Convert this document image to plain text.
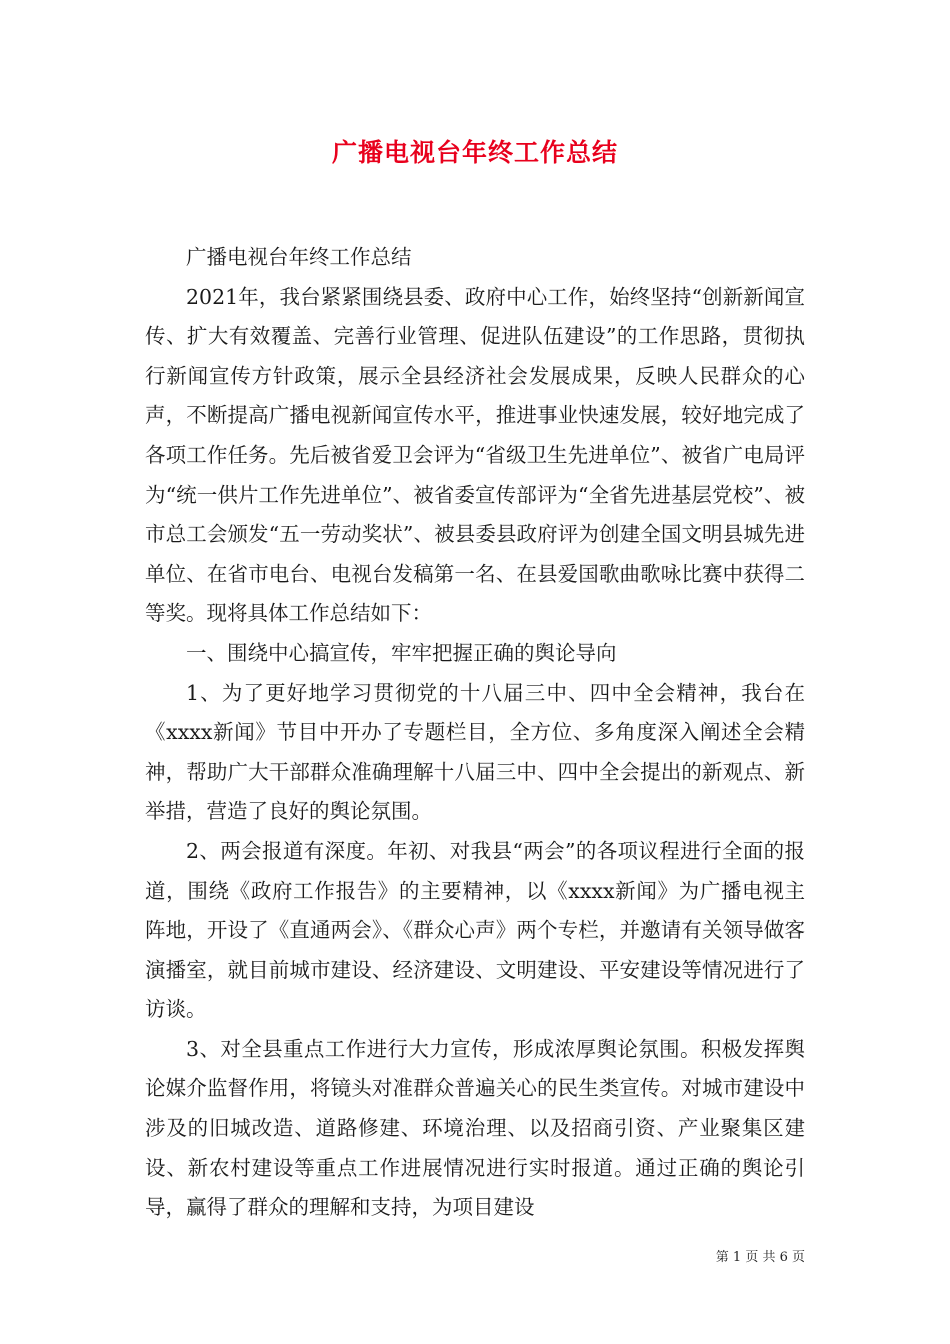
广播电视台年终工作总结

广播电视台年终工作总结

2021年，我台紧紧围绕县委、政府中心工作，始终坚持“创新新闻宣传、扩大有效覆盖、完善行业管理、促进队伍建设”的工作思路，贯彻执行新闻宣传方针政策，展示全县经济社会发展成果，反映人民群众的心声，不断提高广播电视新闻宣传水平，推进事业快速发展，较好地完成了各项工作任务。先后被省爱卫会评为“省级卫生先进单位”、被省广电局评为“统一供片工作先进单位”、被省委宣传部评为“全省先进基层党校”、被市总工会颁发“五一劳动奖状”、被县委县政府评为创建全国文明县城先进单位、在省市电台、电视台发稿第一名、在县爱国歌曲歌咏比赛中获得二等奖。现将具体工作总结如下：

一、围绕中心搞宣传，牢牢把握正确的舆论导向

1、为了更好地学习贯彻党的十八届三中、四中全会精神，我台在《xxxx新闻》节目中开办了专题栏目，全方位、多角度深入阐述全会精神，帮助广大干部群众准确理解十八届三中、四中全会提出的新观点、新举措，营造了良好的舆论氛围。

2、两会报道有深度。年初、对我县“两会”的各项议程进行全面的报道，围绕《政府工作报告》的主要精神，以《xxxx新闻》为广播电视主阵地，开设了《直通两会》、《群众心声》两个专栏，并邀请有关领导做客演播室，就目前城市建设、经济建设、文明建设、平安建设等情况进行了访谈。

3、对全县重点工作进行大力宣传，形成浓厚舆论氛围。积极发挥舆论媒介监督作用，将镜头对准群众普遍关心的民生类宣传。对城市建设中涉及的旧城改造、道路修建、环境治理、以及招商引资、产业聚集区建设、新农村建设等重点工作进展情况进行实时报道。通过正确的舆论引导，赢得了群众的理解和支持，为项目建设

第 1 页 共 6 页
